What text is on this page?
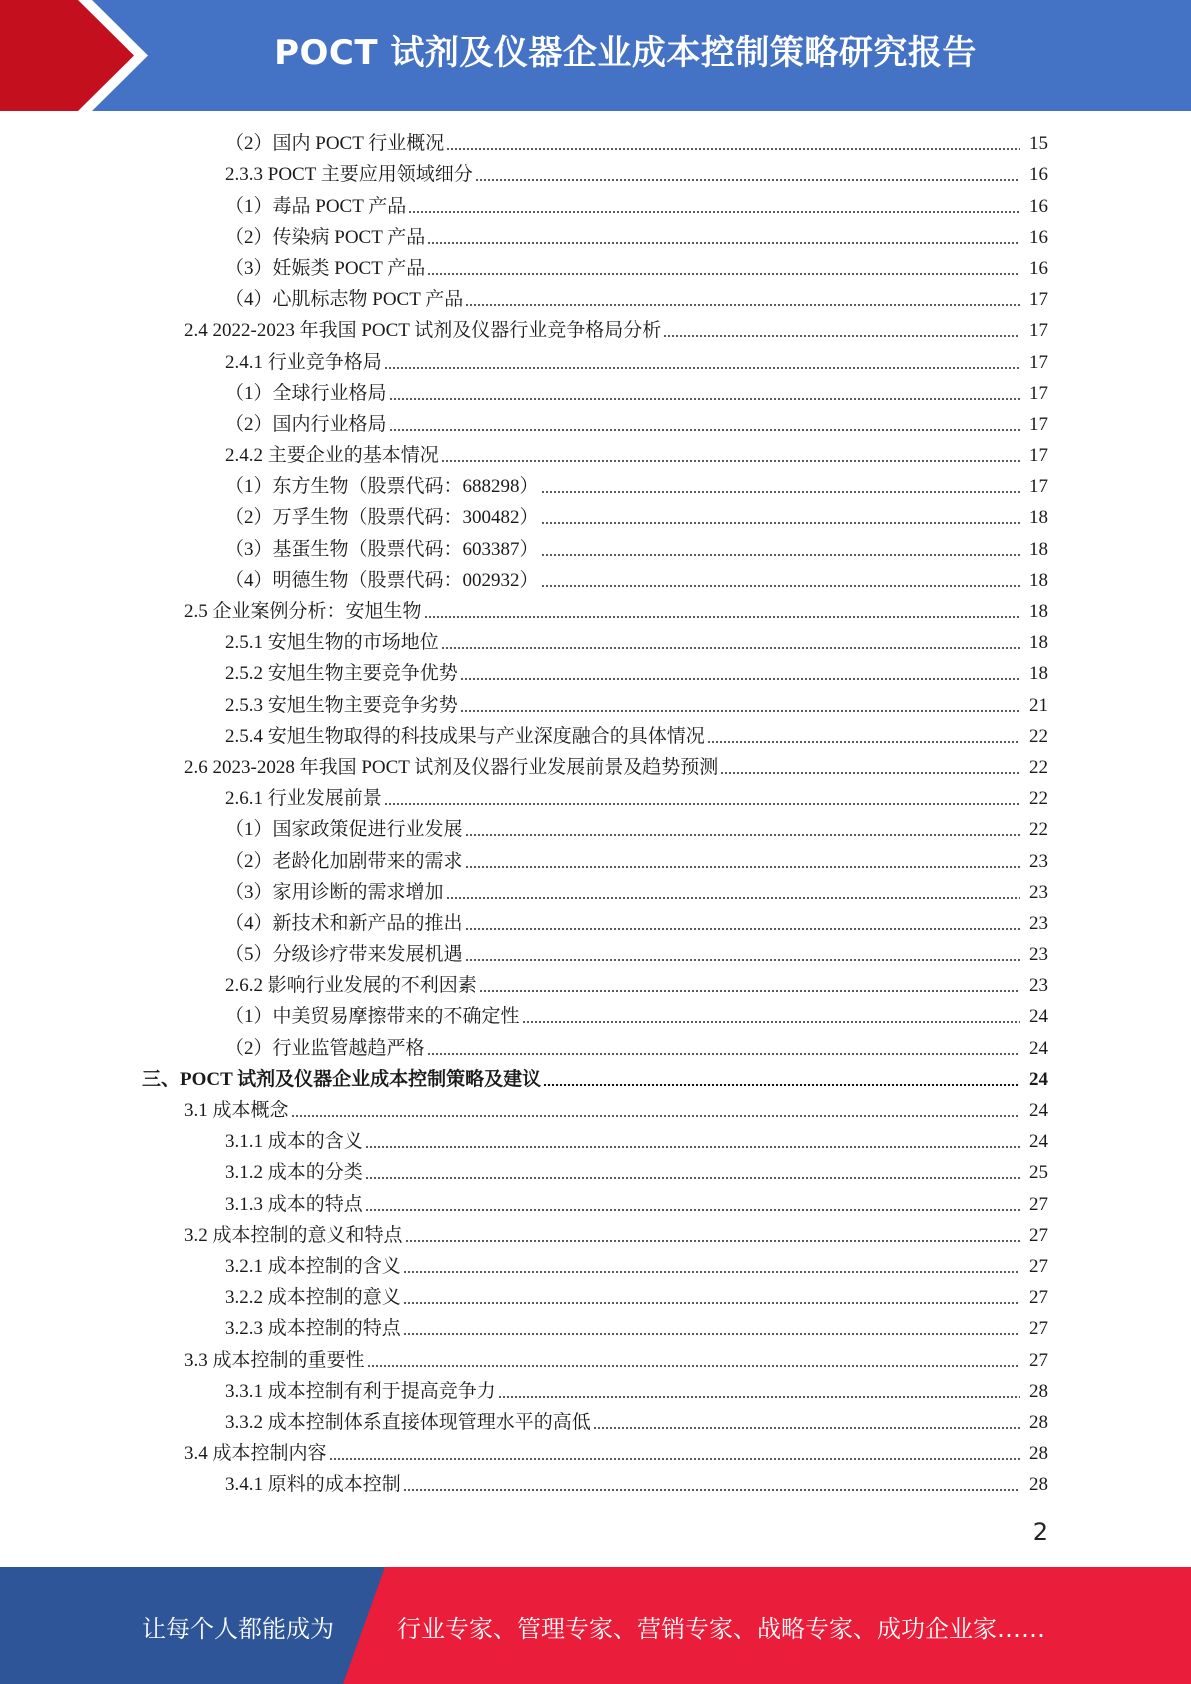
POCT 试剂及仪器企业成本控制策略研究报告
（2）国内 POCT 行业概况	15
2.3.3 POCT 主要应用领域细分	16
（1）毒品 POCT 产品	16
（2）传染病 POCT 产品	16
（3）妊娠类 POCT 产品	16
（4）心肌标志物 POCT 产品	17
2.4 2022-2023 年我国 POCT 试剂及仪器行业竞争格局分析	17
2.4.1 行业竞争格局	17
（1）全球行业格局	17
（2）国内行业格局	17
2.4.2 主要企业的基本情况	17
（1）东方生物（股票代码：688298）	17
（2）万孚生物（股票代码：300482）	18
（3）基蛋生物（股票代码：603387）	18
（4）明德生物（股票代码：002932）	18
2.5 企业案例分析：安旭生物	18
2.5.1 安旭生物的市场地位	18
2.5.2 安旭生物主要竞争优势	18
2.5.3 安旭生物主要竞争劣势	21
2.5.4 安旭生物取得的科技成果与产业深度融合的具体情况	22
2.6 2023-2028 年我国 POCT 试剂及仪器行业发展前景及趋势预测	22
2.6.1 行业发展前景	22
（1）国家政策促进行业发展	22
（2）老龄化加剧带来的需求	23
（3）家用诊断的需求增加	23
（4）新技术和新产品的推出	23
（5）分级诊疗带来发展机遇	23
2.6.2 影响行业发展的不利因素	23
（1）中美贸易摩擦带来的不确定性	24
（2）行业监管越趋严格	24
三、POCT 试剂及仪器企业成本控制策略及建议	24
3.1 成本概念	24
3.1.1 成本的含义	24
3.1.2 成本的分类	25
3.1.3 成本的特点	27
3.2 成本控制的意义和特点	27
3.2.1 成本控制的含义	27
3.2.2 成本控制的意义	27
3.2.3 成本控制的特点	27
3.3 成本控制的重要性	27
3.3.1 成本控制有利于提高竞争力	28
3.3.2 成本控制体系直接体现管理水平的高低	28
3.4 成本控制内容	28
3.4.1 原料的成本控制	28
2
让每个人都能成为	行业专家、管理专家、营销专家、战略专家、成功企业家……
